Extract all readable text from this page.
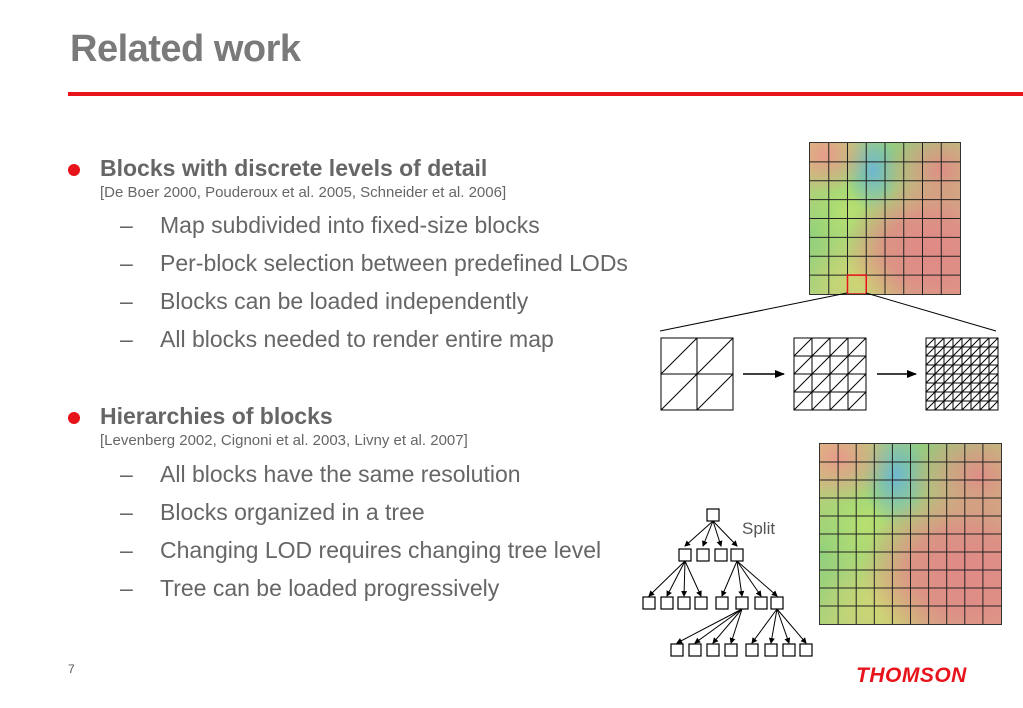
Related work
Blocks with discrete levels of detail
[De Boer 2000, Pouderoux et al. 2005, Schneider et al. 2006]
– Map subdivided into fixed-size blocks
– Per-block selection between predefined LODs
– Blocks can be loaded independently
– All blocks needed to render entire map
Hierarchies of blocks
[Levenberg 2002, Cignoni et al. 2003, Livny et al. 2007]
– All blocks have the same resolution
– Blocks organized in a tree
– Changing LOD requires changing tree level
– Tree can be loaded progressively
Split
7	THOMSON
